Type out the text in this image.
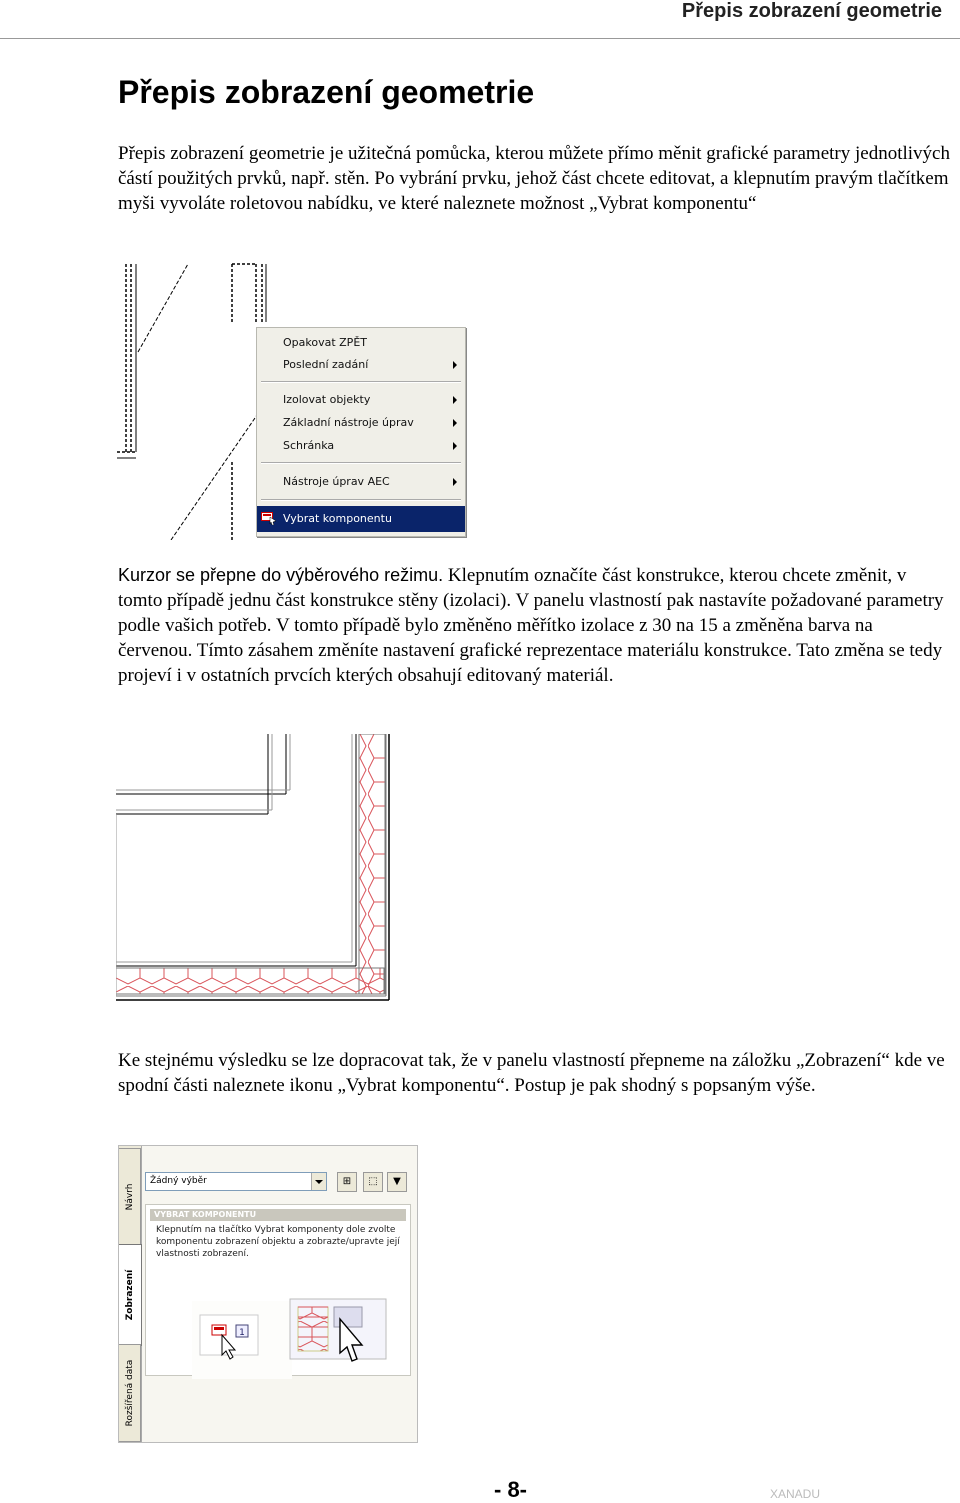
Přepis zobrazení geometrie
Přepis zobrazení geometrie

Přepis zobrazení geometrie je užitečná pomůcka, kterou můžete přímo měnit grafické parametry jednotlivých částí použitých prvků, např. stěn. Po vybrání prvku, jehož část chcete editovat, a klepnutím pravým tlačítkem myši vyvoláte roletovou nabídku, ve které naleznete možnost „Vybrat komponentu“

Opakovat ZPĚT
Poslední zadání
Izolovat objekty
Základní nástroje úprav
Schránka
Nástroje úprav AEC
Vybrat komponentu

Kurzor se přepne do výběrového režimu. Klepnutím označíte část konstrukce, kterou chcete změnit, v tomto případě jednu část konstrukce stěny (izolaci). V panelu vlastností pak nastavíte požadované parametry podle vašich potřeb. V tomto případě bylo změněno měřítko izolace z 30 na 15 a změněna barva na červenou. Tímto zásahem změníte nastavení grafické reprezentace materiálu konstrukce. Tato změna se tedy projeví i v ostatních prvcích kterých obsahují editovaný materiál.

Ke stejnému výsledku se lze dopracovat tak, že v panelu vlastností přepneme na záložku „Zobrazení“ kde ve spodní části naleznete ikonu „Vybrat komponentu“. Postup je pak shodný s popsaným výše.

Návrh
Zobrazení
Rozšířená data
Žádný výběr	⊞	⬚	▼
VYBRAT KOMPONENTU
Klepnutím na tlačítko Vybrat komponenty dole zvolte komponentu zobrazení objektu a zobrazte/upravte její vlastnosti zobrazení.
1
- 8-	XANADU
